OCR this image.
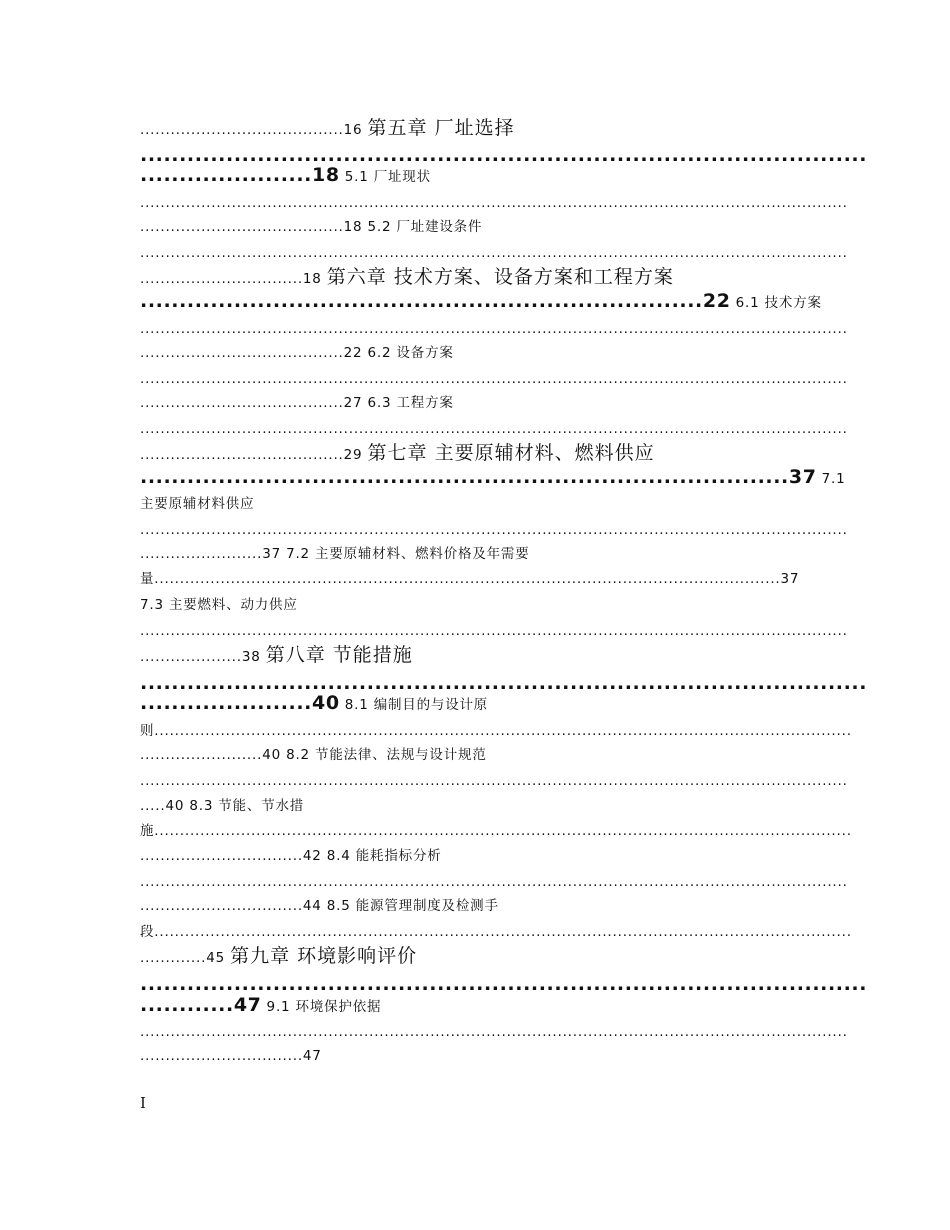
........................................16 第五章 厂址选择
.............................................................................................
......................18 5.1 厂址现状
...........................................................................................................................................
........................................18 5.2 厂址建设条件
...........................................................................................................................................
................................18 第六章 技术方案、设备方案和工程方案
........................................................................22 6.1 技术方案
...........................................................................................................................................
........................................22 6.2 设备方案
...........................................................................................................................................
........................................27 6.3 工程方案
...........................................................................................................................................
........................................29 第七章 主要原辅材料、燃料供应
...................................................................................37 7.1
主要原辅材料供应
...........................................................................................................................................
........................37 7.2 主要原辅材料、燃料价格及年需要
量...........................................................................................................................37
7.3 主要燃料、动力供应
...........................................................................................................................................
....................38 第八章 节能措施
.............................................................................................
......................40 8.1 编制目的与设计原
则.........................................................................................................................................
........................40 8.2 节能法律、法规与设计规范
...........................................................................................................................................
.....40 8.3 节能、节水措
施.........................................................................................................................................
................................42 8.4 能耗指标分析
...........................................................................................................................................
................................44 8.5 能源管理制度及检测手
段.........................................................................................................................................
.............45 第九章 环境影响评价
.............................................................................................
............47 9.1 环境保护依据
...........................................................................................................................................
................................47
I
